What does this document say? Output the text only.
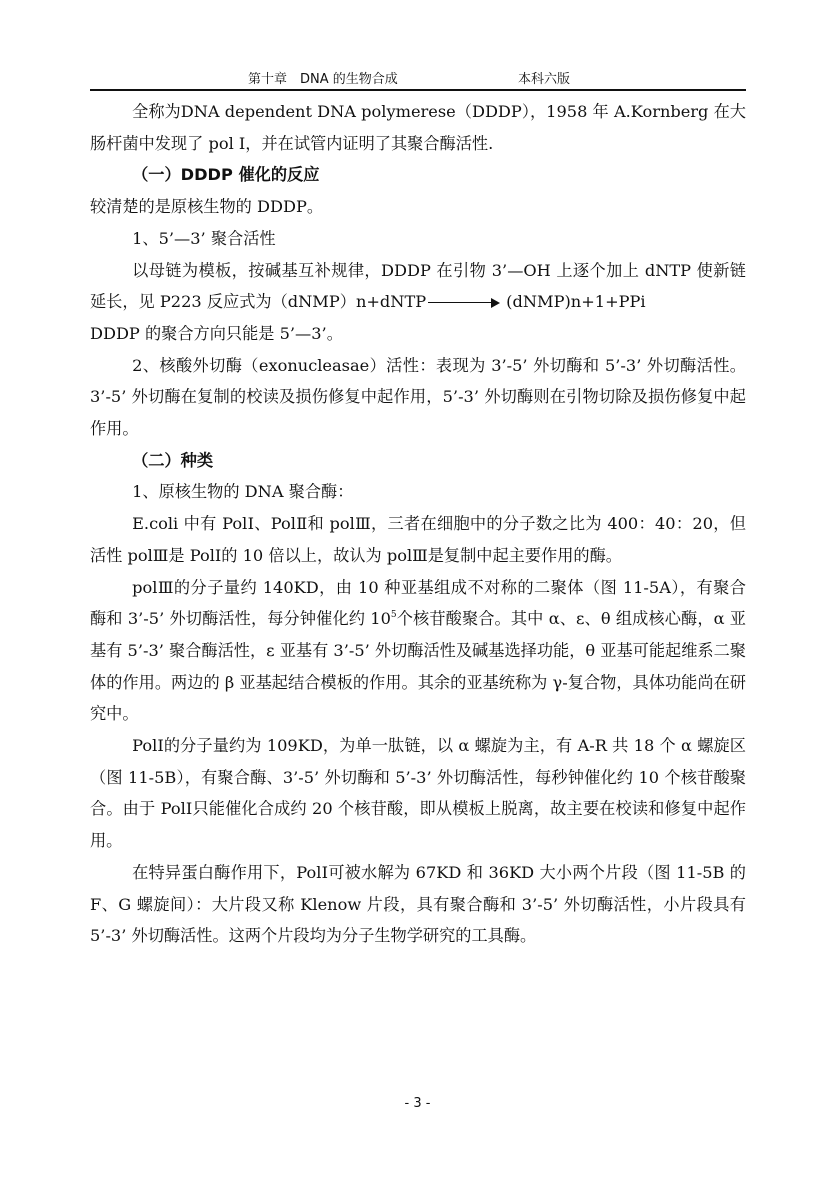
第十章　DNA 的生物合成	本科六版

全称为DNA dependent DNA polymerese（DDDP），1958 年 A.Kornberg 在大肠杆菌中发现了 pol Ⅰ，并在试管内证明了其聚合酶活性.

（一）DDDP 催化的反应

较清楚的是原核生物的 DDDP。

1、5’—3’ 聚合活性

以母链为模板，按碱基互补规律，DDDP 在引物 3’—OH 上逐个加上 dNTP 使新链延长，见 P223 反应式为（dNMP）n+dNTP	(dNMP)n+1+PPi

DDDP 的聚合方向只能是 5’—3’。

2、核酸外切酶（exonucleasae）活性：表现为 3’-5’ 外切酶和 5’-3’ 外切酶活性。3’-5’ 外切酶在复制的校读及损伤修复中起作用，5’-3’ 外切酶则在引物切除及损伤修复中起作用。

（二）种类

1、原核生物的 DNA 聚合酶：

E.coli 中有 PolⅠ、PolⅡ和 polⅢ，三者在细胞中的分子数之比为 400：40：20，但活性 polⅢ是 PolⅠ的 10 倍以上，故认为 polⅢ是复制中起主要作用的酶。

polⅢ的分子量约 140KD，由 10 种亚基组成不对称的二聚体（图 11-5A），有聚合酶和 3’-5’ 外切酶活性，每分钟催化约 $10^5$个核苷酸聚合。其中 α、ε、θ 组成核心酶，α 亚基有 5’-3’ 聚合酶活性，ε 亚基有 3’-5’ 外切酶活性及碱基选择功能，θ 亚基可能起维系二聚体的作用。两边的 β 亚基起结合模板的作用。其余的亚基统称为 γ-复合物，具体功能尚在研究中。

PolⅠ的分子量约为 109KD，为单一肽链，以 α 螺旋为主，有 A-R 共 18 个 α 螺旋区（图 11-5B），有聚合酶、3’-5’ 外切酶和 5’-3’ 外切酶活性，每秒钟催化约 10 个核苷酸聚合。由于 PolⅠ只能催化合成约 20 个核苷酸，即从模板上脱离，故主要在校读和修复中起作用。

在特异蛋白酶作用下，PolⅠ可被水解为 67KD 和 36KD 大小两个片段（图 11-5B 的 F、G 螺旋间）：大片段又称 Klenow 片段，具有聚合酶和 3’-5’ 外切酶活性，小片段具有 5’-3’ 外切酶活性。这两个片段均为分子生物学研究的工具酶。

- 3 -
